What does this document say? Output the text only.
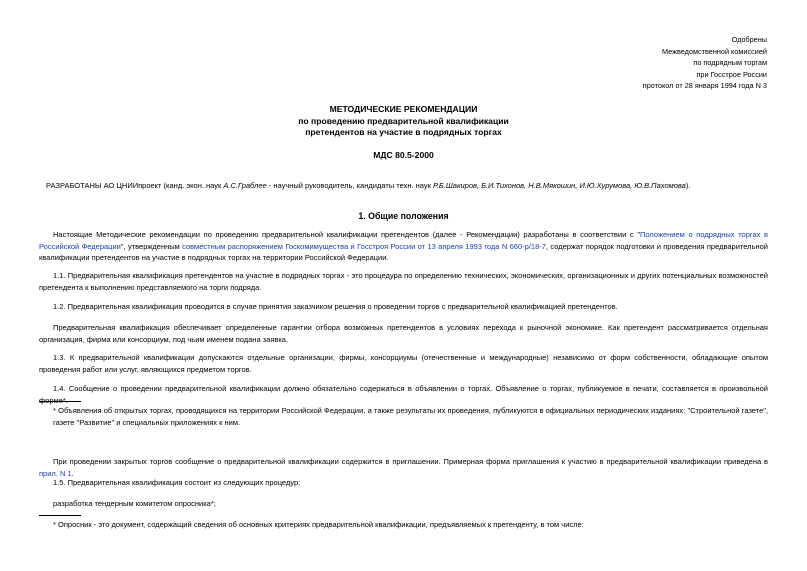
Одобрены
Межведомственной комиссией
по подрядным торгам
при Госстрое России
протокол от 28 января 1994 года N 3
МЕТОДИЧЕСКИЕ РЕКОМЕНДАЦИИ
по проведению предварительной квалификации
претендентов на участие в подрядных торгах
МДС 80.5-2000
РАЗРАБОТАНЫ АО ЦНИИпроект (канд. экон. наук А.С.Граблее - научный руководитель, кандидаты техн. наук Р.Б.Шакиров, Б.И.Тихонов, Н.В.Мякошин, И.Ю.Хурумова, Ю.В.Пахомова).
1. Общие положения
Настоящие Методические рекомендации по проведению предварительной квалификации претендентов (далее - Рекомендации) разработаны в соответствии с "Положением о подрядных торгах в Российской Федерации", утвержденным совместным распоряжением Госкомимущества и Госстроя России от 13 апреля 1993 года N 660-р/18-7, содержат порядок подготовки и проведения предварительной квалификации претендентов на участие в подрядных торгах на территории Российской Федерации.
1.1. Предварительная квалификация претендентов на участие в подрядных торгах - это процедура по определению технических, экономических, организационных и других потенциальных возможностей претендента к выполнению представляемого на торги подряда.
1.2. Предварительная квалификация проводится в случае принятия заказчиком решения о проведении торгов с предварительной квалификацией претендентов.
Предварительная квалификация обеспечивает определенные гарантии отбора возможных претендентов в условиях перехода к рыночной экономике. Как претендент рассматривается отдельная организация, фирма или консорциум, под чьим именем подана заявка.
1.3. К предварительной квалификации допускаются отдельные организации, фирмы, консорциумы (отечественные и международные) независимо от форм собственности, обладающие опытом проведения работ или услуг, являющихся предметом торгов.
1.4. Сообщение о проведении предварительной квалификации должно обязательно содержаться в объявлении о торгах. Объявление о торгах, публикуемое в печати, составляется в произвольной форме*.
* Объявления об открытых торгах, проводящихся на территории Российской Федерации, а также результаты их проведения, публикуются в официальных периодических изданиях: "Строительной газете", газете "Развитие" и специальных приложениях к ним.
При проведении закрытых торгов сообщение о предварительной квалификации содержится в приглашении. Примерная форма приглашения к участию в предварительной квалификации приведена в прил. N 1.
1.5. Предварительная квалификация состоит из следующих процедур:
разработка тендерным комитетом опросника*;
* Опросник - это документ, содержащий сведения об основных критериях предварительной квалификации, предъявляемых к претенденту, в том числе:
